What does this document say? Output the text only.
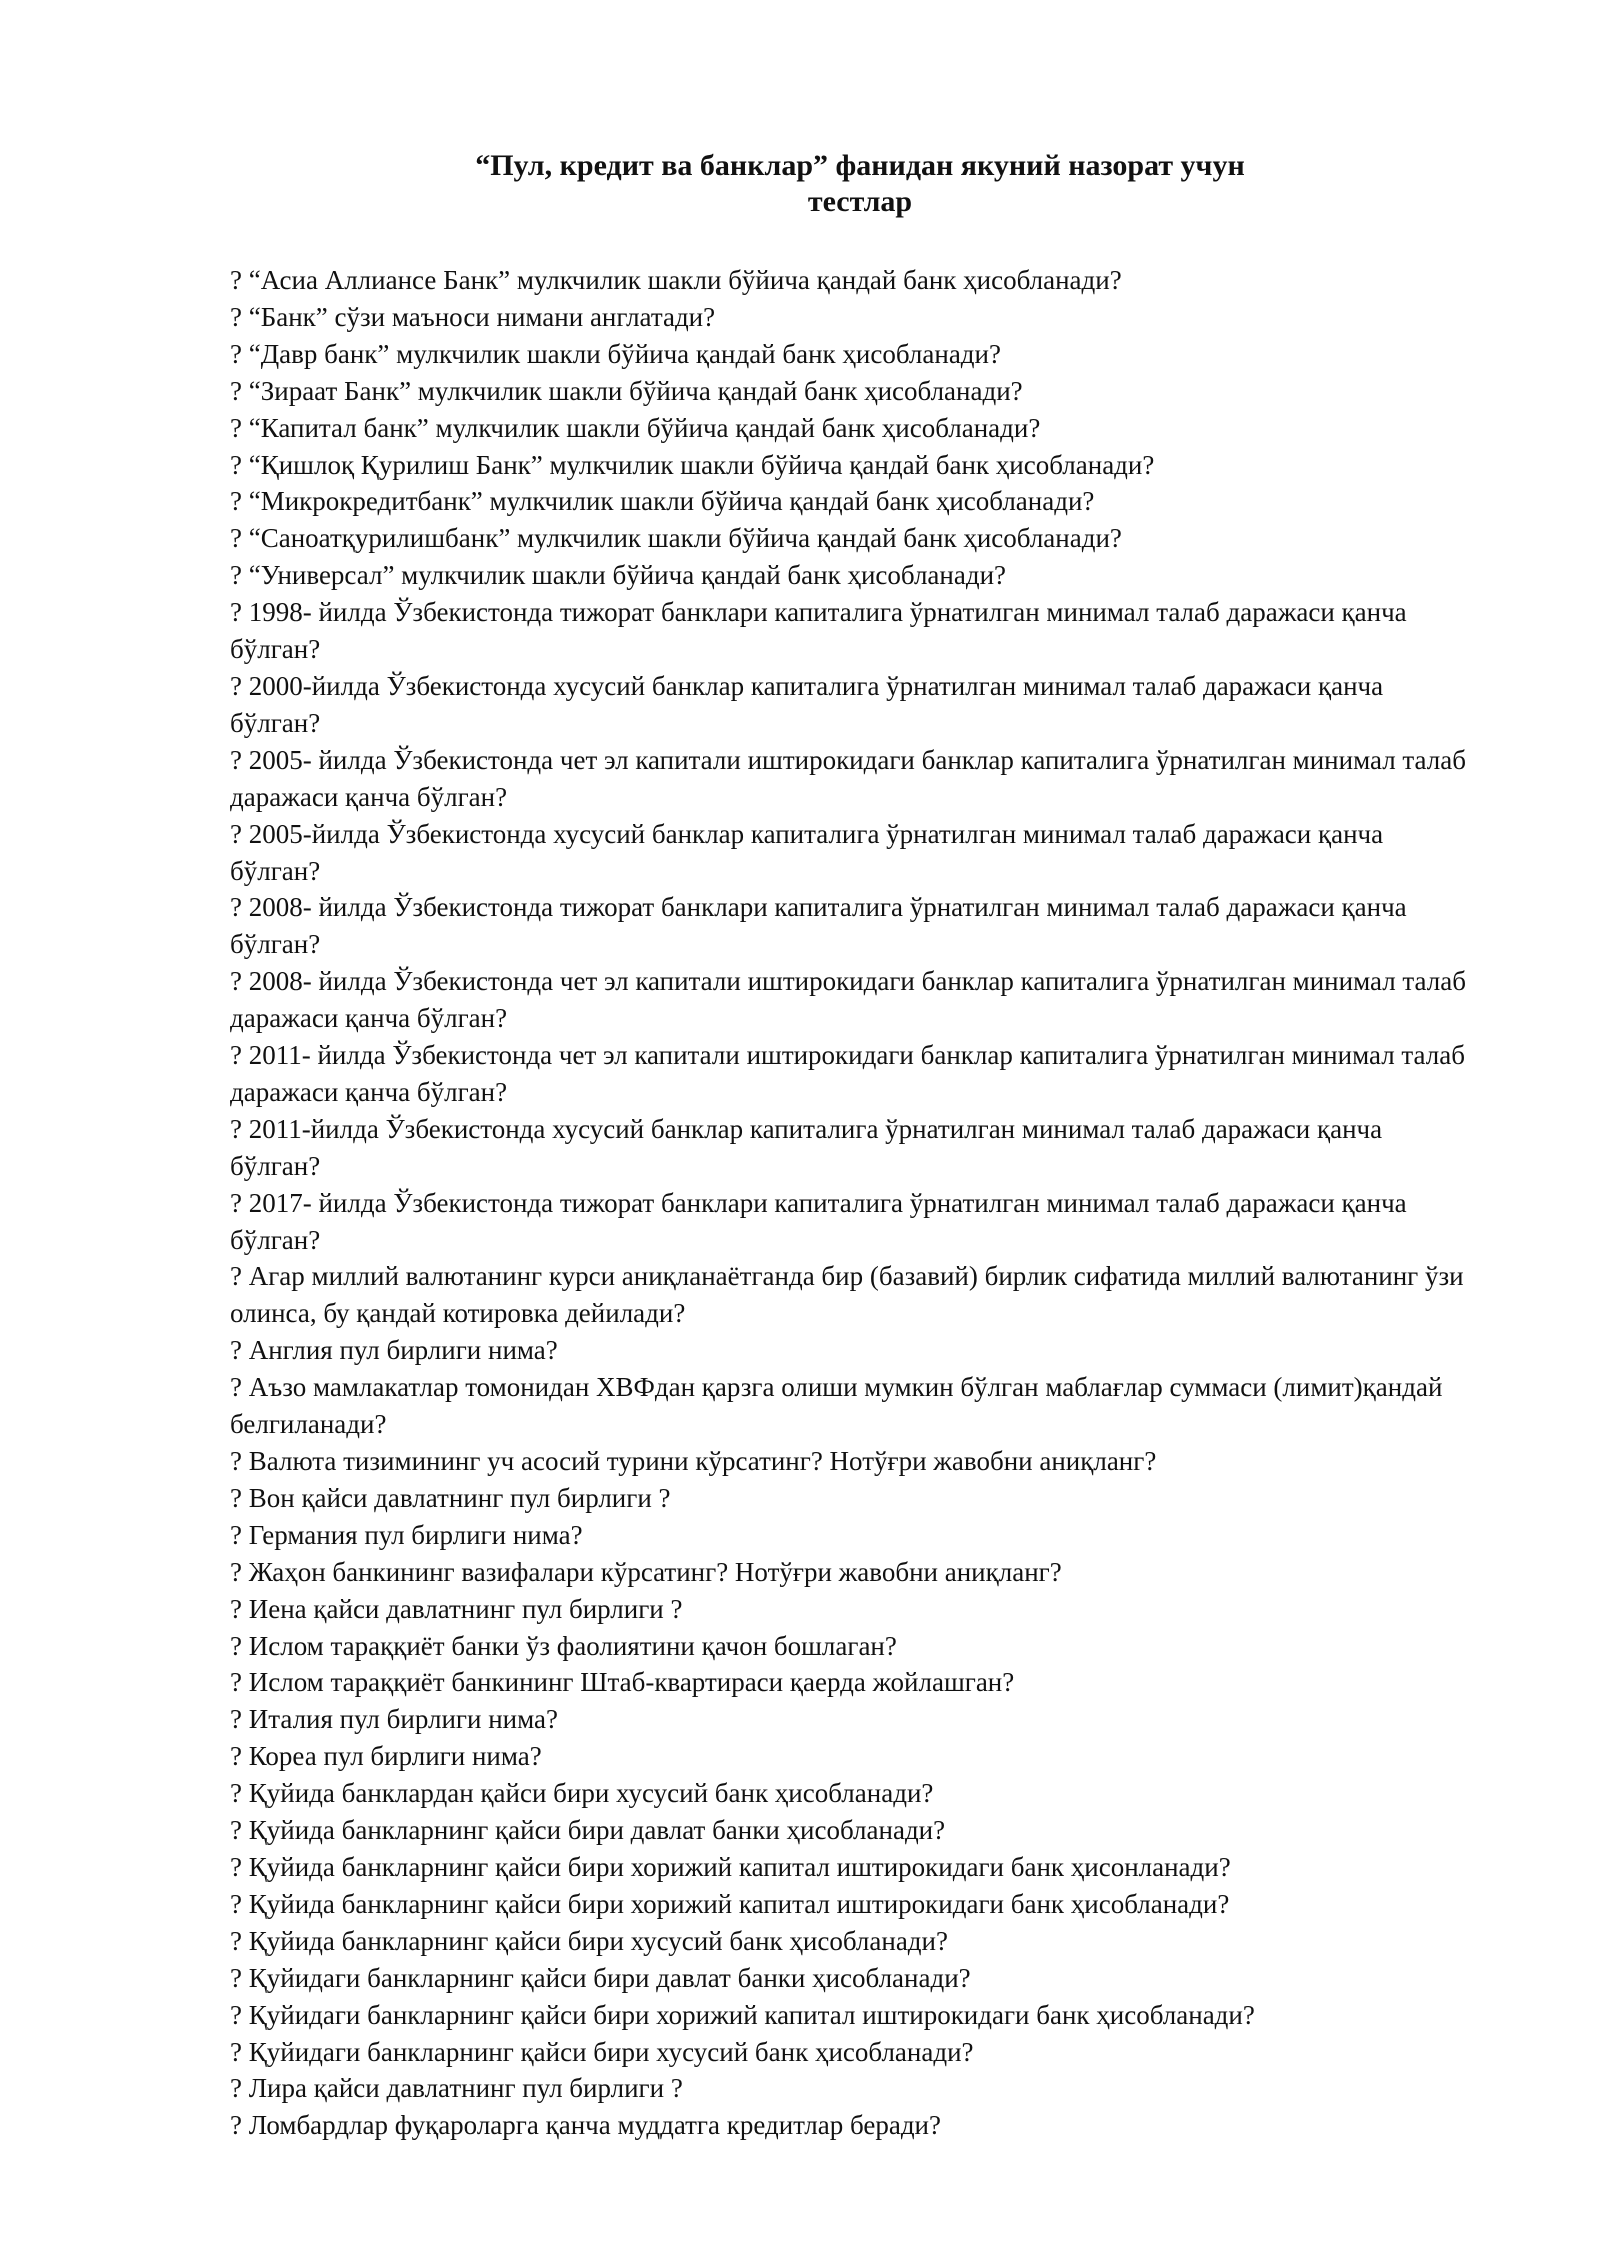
“Пул, кредит ва банклар” фанидан якуний назорат учун
тестлар
? “Асиа Аллиансе Банк” мулкчилик шакли бўйича қандай банк ҳисобланади?
? “Банк” сўзи маъноси нимани англатади?
? “Давр банк” мулкчилик шакли бўйича қандай банк ҳисобланади?
? “Зираат Банк” мулкчилик шакли бўйича қандай банк ҳисобланади?
? “Капитал банк” мулкчилик шакли бўйича қандай банк ҳисобланади?
? “Қишлоқ Қурилиш Банк” мулкчилик шакли бўйича қандай банк ҳисобланади?
? “Микрокредитбанк” мулкчилик шакли бўйича қандай банк ҳисобланади?
? “Саноатқурилишбанк” мулкчилик шакли бўйича қандай банк ҳисобланади?
? “Универсал” мулкчилик шакли бўйича қандай банк ҳисобланади?
? 1998- йилда Ўзбекистонда тижорат банклари капиталига ўрнатилган минимал талаб даражаси қанча бўлган?
? 2000-йилда Ўзбекистонда хусусий банклар капиталига ўрнатилган минимал талаб даражаси қанча бўлган?
? 2005- йилда Ўзбекистонда чет эл капитали иштирокидаги банклар капиталига ўрнатилган минимал талаб даражаси қанча бўлган?
? 2005-йилда Ўзбекистонда хусусий банклар капиталига ўрнатилган минимал талаб даражаси қанча бўлган?
? 2008- йилда Ўзбекистонда тижорат банклари капиталига ўрнатилган минимал талаб даражаси қанча бўлган?
? 2008- йилда Ўзбекистонда чет эл капитали иштирокидаги банклар капиталига ўрнатилган минимал талаб даражаси қанча бўлган?
? 2011- йилда Ўзбекистонда чет эл капитали иштирокидаги банклар капиталига ўрнатилган минимал талаб даражаси қанча бўлган?
? 2011-йилда Ўзбекистонда хусусий банклар капиталига ўрнатилган минимал талаб даражаси қанча бўлган?
? 2017- йилда Ўзбекистонда тижорат банклари капиталига ўрнатилган минимал талаб даражаси қанча бўлган?
? Агар миллий валютанинг курси аниқланаётганда бир (базавий) бирлик сифатида миллий валютанинг ўзи олинса, бу қандай котировка дейилади?
? Англия пул бирлиги нима?
? Аъзо мамлакатлар томонидан ХВФдан қарзга олиши мумкин бўлган маблағлар суммаси (лимит)қандай белгиланади?
? Валюта тизимининг уч асосий турини кўрсатинг? Нотўғри жавобни аниқланг?
? Вон қайси давлатнинг пул бирлиги ?
? Германия пул бирлиги нима?
? Жаҳон банкининг вазифалари кўрсатинг? Нотўғри жавобни аниқланг?
? Иена қайси давлатнинг пул бирлиги ?
? Ислом тараққиёт банки ўз фаолиятини қачон бошлаган?
? Ислом тараққиёт банкининг Штаб-квартираси қаерда жойлашган?
? Италия пул бирлиги нима?
? Кореа пул бирлиги нима?
? Қуйида банклардан қайси бири хусусий банк ҳисобланади?
? Қуйида банкларнинг қайси бири давлат банки ҳисобланади?
? Қуйида банкларнинг қайси бири хорижий капитал иштирокидаги банк ҳисонланади?
? Қуйида банкларнинг қайси бири хорижий капитал иштирокидаги банк ҳисобланади?
? Қуйида банкларнинг қайси бири хусусий банк ҳисобланади?
? Қуйидаги банкларнинг қайси бири давлат банки ҳисобланади?
? Қуйидаги банкларнинг қайси бири хорижий капитал иштирокидаги банк ҳисобланади?
? Қуйидаги банкларнинг қайси бири хусусий банк ҳисобланади?
? Лира қайси давлатнинг пул бирлиги ?
? Ломбардлар фуқароларга қанча муддатга кредитлар беради?
